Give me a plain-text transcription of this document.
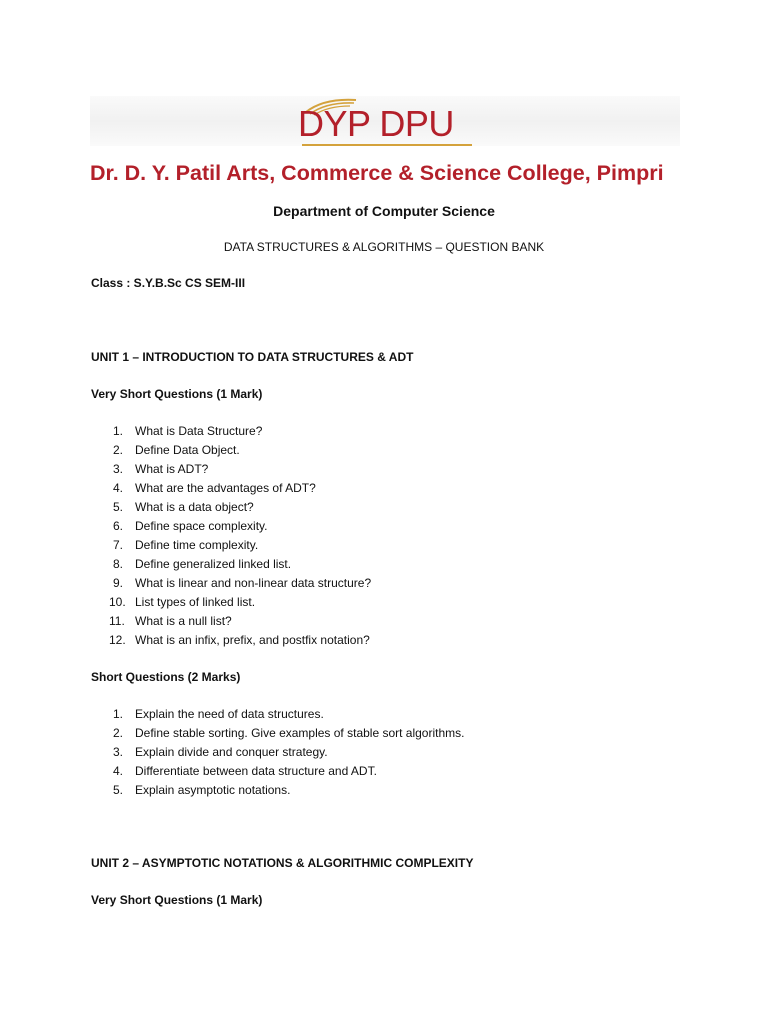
DYP DPU
Dr. D. Y. Patil Arts, Commerce & Science College, Pimpri
Department of Computer Science
DATA STRUCTURES & ALGORITHMS – QUESTION BANK
Class : S.Y.B.Sc CS SEM-III
UNIT 1 – INTRODUCTION TO DATA STRUCTURES & ADT
Very Short Questions (1 Mark)
1. What is Data Structure?
2. Define Data Object.
3. What is ADT?
4. What are the advantages of ADT?
5. What is a data object?
6. Define space complexity.
7. Define time complexity.
8. Define generalized linked list.
9. What is linear and non-linear data structure?
10. List types of linked list.
11. What is a null list?
12. What is an infix, prefix, and postfix notation?
Short Questions (2 Marks)
1. Explain the need of data structures.
2. Define stable sorting. Give examples of stable sort algorithms.
3. Explain divide and conquer strategy.
4. Differentiate between data structure and ADT.
5. Explain asymptotic notations.
UNIT 2 – ASYMPTOTIC NOTATIONS & ALGORITHMIC COMPLEXITY
Very Short Questions (1 Mark)
